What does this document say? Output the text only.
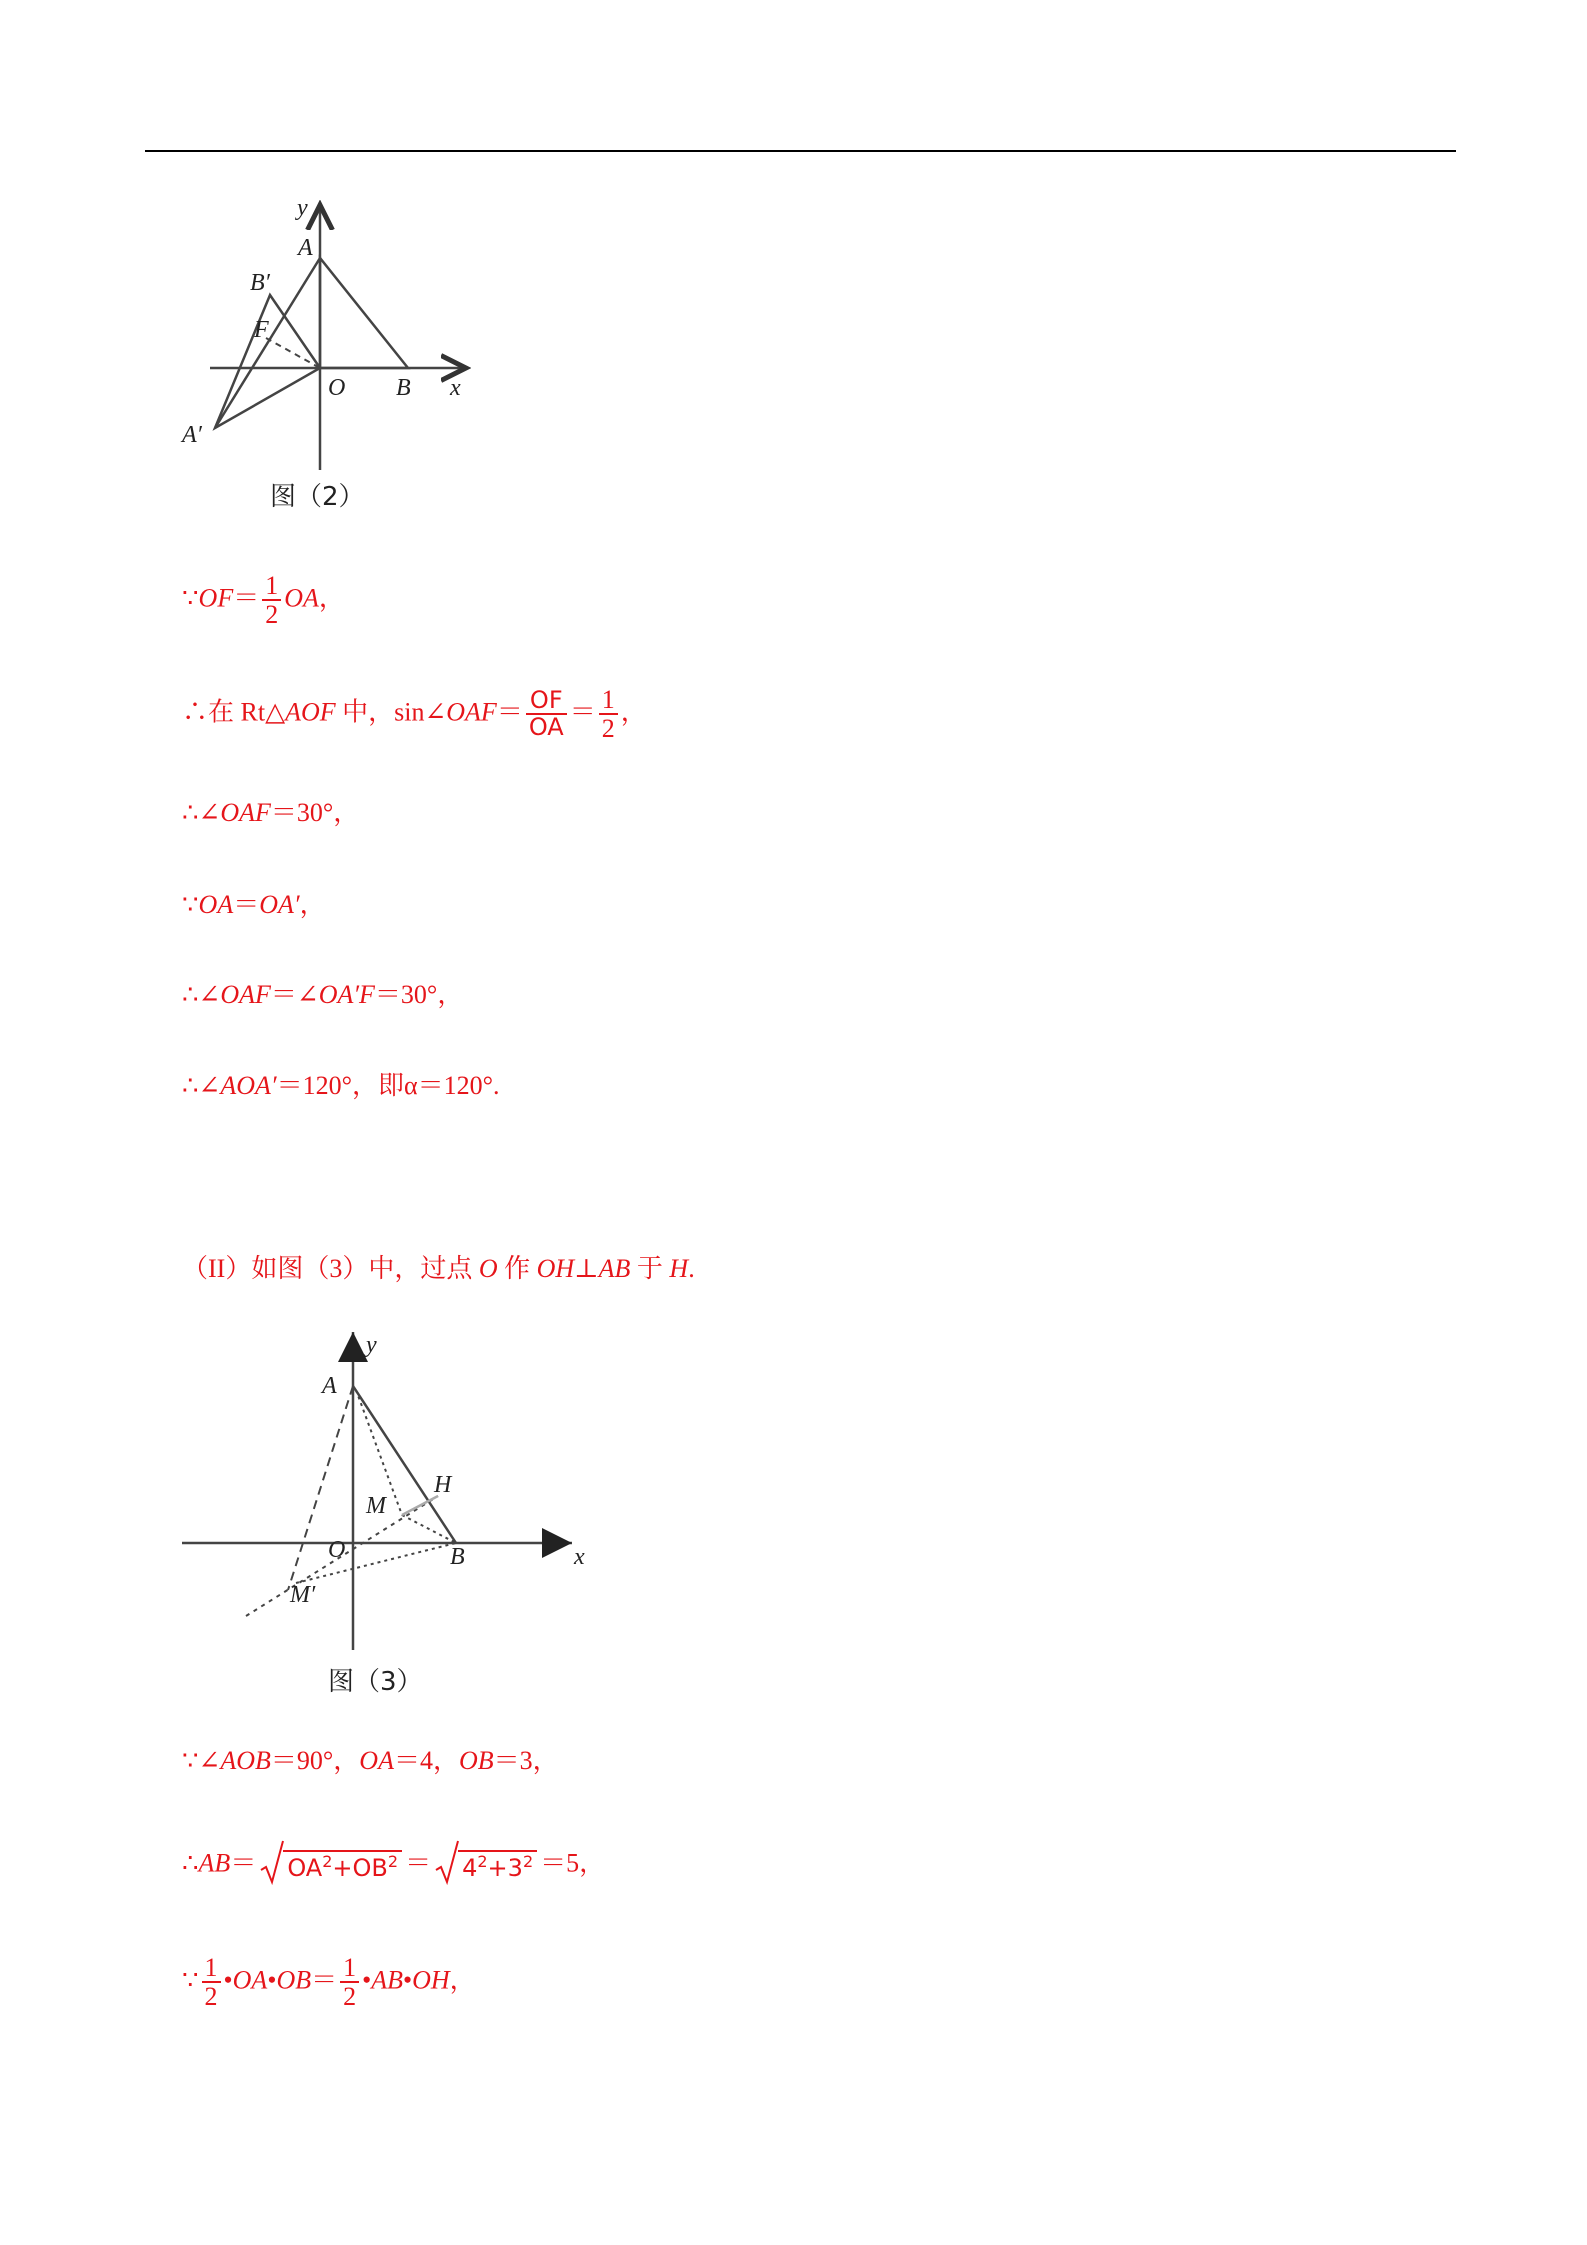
y
A
B′
F
O B x
A′
图（2）
∵OF＝ $\frac{1}{2}$ OA，
∴在 Rt△AOF 中，sin∠OAF＝ $\frac{OF}{OA} = \frac{1}{2}$ ，
∴∠OAF＝30°，
∵OA＝OA′，
∴∠OAF＝∠OA′F＝30°，
∴∠AOA′＝120°，即α＝120°.
（II）如图（3）中，过点 O 作 OH⊥AB 于 H.
y
A
H
M
O	B	x
M′
图（3）
∵∠AOB＝90°，OA＝4，OB＝3，
∴AB＝ $OA^2+OB^2 = 4^2+3^2 =5$，
∵ $\frac{1}{2}$ •OA•OB＝ $\frac{1}{2}$ •AB•OH，
